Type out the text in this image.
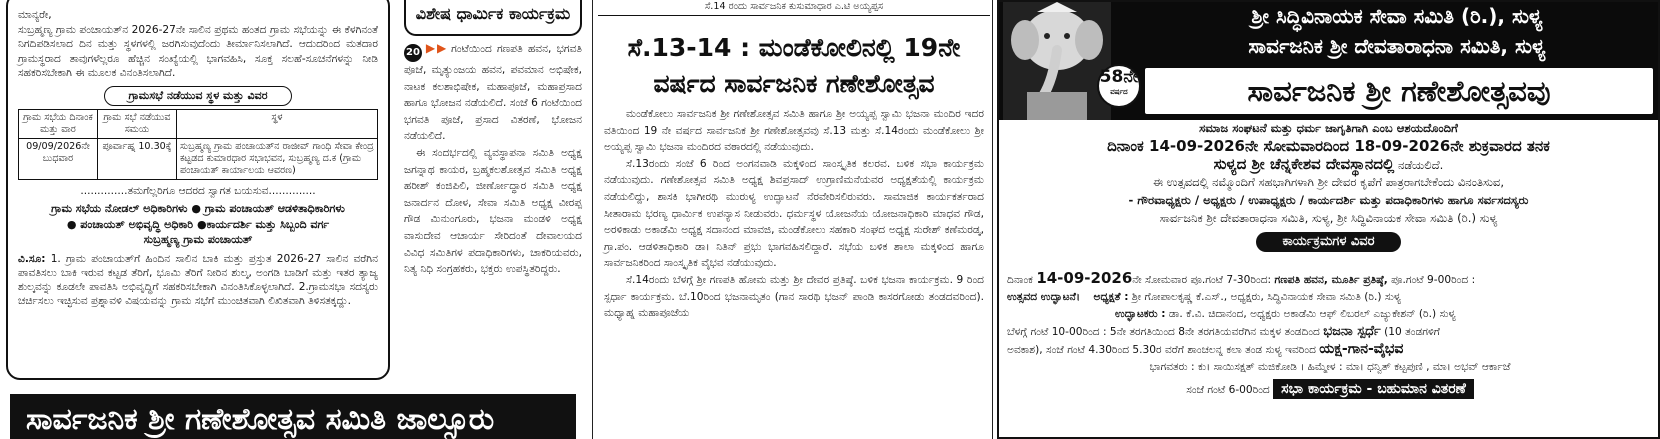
ಮಾನ್ಯರೇ,

ಸುಬ್ರಹ್ಮಣ್ಯ ಗ್ರಾಮ ಪಂಚಾಯತ್‌ನ 2026-27ನೇ ಸಾಲಿನ ಪ್ರಥಮ ಹಂತದ ಗ್ರಾಮ ಸಭೆಯನ್ನು ಈ ಕೆಳಗಿನಂತೆ ನಿಗದಿಪಡಿಸಲಾದ ದಿನ ಮತ್ತು ಸ್ಥಳಗಳಲ್ಲಿ ಜರಗಿಸುವುದೆಂದು ತೀರ್ಮಾನಿಸಲಾಗಿದೆ. ಆದುದರಿಂದ ಮತದಾರ ಗ್ರಾಮಸ್ಥರಾದ ತಾವುಗಳೆಲ್ಲರೂ ಹೆಚ್ಚಿನ ಸಂಖ್ಯೆಯಲ್ಲಿ ಭಾಗವಹಿಸಿ, ಸೂಕ್ತ ಸಲಹೆ-ಸೂಚನೆಗಳನ್ನು ನೀಡಿ ಸಹಕರಿಸಬೇಕಾಗಿ ಈ ಮೂಲಕ ವಿನಂತಿಸಲಾಗಿದೆ.

ಗ್ರಾಮಸಭೆ ನಡೆಯುವ ಸ್ಥಳ ಮತ್ತು ವಿವರ
ಗ್ರಾಮ ಸಭೆಯ ದಿನಾಂಕ ಮತ್ತು ವಾರ	ಗ್ರಾಮ ಸಭೆ ನಡೆಯುವ ಸಮಯ	ಸ್ಥಳ
09/09/2026ನೇ ಬುಧವಾರ	ಪೂರ್ವಾಹ್ನ 10.30ಕ್ಕೆ	ಸುಬ್ರಹ್ಮಣ್ಯ ಗ್ರಾಮ ಪಂಚಾಯತ್‌ನ ರಾಜೀವ್ ಗಾಂಧಿ ಸೇವಾ ಕೇಂದ್ರ ಕಟ್ಟಡದ ಕುಮಾರಧಾರ ಸಭಾಭವನ, ಸುಬ್ರಹ್ಮಣ್ಯ ದ.ಕ (ಗ್ರಾಮ ಪಂಚಾಯತ್ ಕಾರ್ಯಾಲಯ ಆವರಣ)
..............ತಮಗೆಲ್ಲರಿಗೂ ಆದರದ ಸ್ವಾಗತ ಬಯಸುವ..............
ಗ್ರಾಮ ಸಭೆಯ ನೋಡಲ್ ಅಧಿಕಾರಿಗಳು ● ಗ್ರಾಮ ಪಂಚಾಯತ್ ಆಡಳಿತಾಧಿಕಾರಿಗಳು
● ಪಂಚಾಯತ್ ಅಭಿವೃದ್ಧಿ ಅಧಿಕಾರಿ ●ಕಾರ್ಯದರ್ಶಿ ಮತ್ತು ಸಿಬ್ಬಂದಿ ವರ್ಗ
ಸುಬ್ರಹ್ಮಣ್ಯ ಗ್ರಾಮ ಪಂಚಾಯತ್

ವಿ.ಸೂ: 1. ಗ್ರಾಮ ಪಂಚಾಯತ್‌ಗೆ ಹಿಂದಿನ ಸಾಲಿನ ಬಾಕಿ ಮತ್ತು ಪ್ರಸ್ತುತ 2026-27 ಸಾಲಿನ ವರೆಗಿನ ಪಾವತಿಸಲು ಬಾಕಿ ಇರುವ ಕಟ್ಟಡ ತೆರಿಗೆ, ಭೂಮಿ ತೆರಿಗೆ ನೀರಿನ ಶುಲ್ಕ, ಅಂಗಡಿ ಬಾಡಿಗೆ ಮತ್ತು ಇತರ ತ್ಯಾಜ್ಯ ಶುಲ್ಕವನ್ನು ಕೂಡಲೇ ಪಾವತಿಸಿ ಅಭಿವೃದ್ಧಿಗೆ ಸಹಕರಿಸಬೇಕಾಗಿ ವಿನಂತಿಸಿಕೊಳ್ಳಲಾಗಿದೆ. 2.ಗ್ರಾಮಸಭಾ ಸದಸ್ಯರು ಚರ್ಚಿಸಲು ಇಚ್ಛಿಸುವ ಪ್ರಶ್ನಾವಳಿ ವಿಷಯವನ್ನು ಗ್ರಾಮ ಸಭೆಗೆ ಮುಂಚಿತವಾಗಿ ಲಿಖಿತವಾಗಿ ತಿಳಿಸತಕ್ಕದ್ದು.

ಸಾರ್ವಜನಿಕ ಶ್ರೀ ಗಣೇಶೋತ್ಸವ ಸಮಿತಿ ಜಾಲ್ಸೂರು
ವಿಶೇಷ ಧಾರ್ಮಿಕ ಕಾರ್ಯಕ್ರಮ

20 ▶▶ ಗಂಟೆಯಿಂದ ಗಣಪತಿ ಹವನ, ಭಗವತಿ ಪೂಜೆ, ಮೃತ್ಯುಂಜಯ ಹವನ, ಪವಮಾನ ಅಭಿಷೇಕ, ನಾಟಕ ಕಲಶಾಭಿಷೇಕ, ಮಹಾಪೂಜೆ, ಮಹಾಪ್ರಸಾದ ಹಾಗೂ ಭೋಜನ ನಡೆಯಲಿದೆ. ಸಂಜೆ 6 ಗಂಟೆಯಿಂದ ಭಗವತಿ ಪೂಜೆ, ಪ್ರಸಾದ ವಿತರಣೆ, ಭೋಜನ ನಡೆಯಲಿದೆ.

ಈ ಸಂದರ್ಭದಲ್ಲಿ ವ್ಯವಸ್ಥಾಪನಾ ಸಮಿತಿ ಅಧ್ಯಕ್ಷ ಜಗನ್ನಾಥ ಕಾಯರ, ಬ್ರಹ್ಮಕಲಶೋತ್ಸವ ಸಮಿತಿ ಅಧ್ಯಕ್ಷ ಹರೀಶ್ ಕಂಜಿಪಿಲಿ, ಜೀರ್ಣೋದ್ಧಾರ ಸಮಿತಿ ಅಧ್ಯಕ್ಷ ಜನಾರ್ದನ ದೋಳ, ಸೇವಾ ಸಮಿತಿ ಅಧ್ಯಕ್ಷ ವೀರಪ್ಪ ಗೌಡ ಮಿನುಂಗೂರು, ಭಜನಾ ಮಂಡಳಿ ಅಧ್ಯಕ್ಷ ವಾಸುದೇವ ಆಚಾರ್ಯ ಸೇರಿದಂತೆ ದೇವಾಲಯದ ವಿವಿಧ ಸಮಿತಿಗಳ ಪದಾಧಿಕಾರಿಗಳು, ಚಾಕರಿಯವರು, ನಿತ್ಯ ನಿಧಿ ಸಂಗ್ರಹಕರು, ಭಕ್ತರು ಉಪಸ್ಥಿತರಿದ್ದರು.

ಸೆ.14 ರಂದು ಸಾರ್ವಜನಿಕ ಕುಸುಮಾಧಾರ ಎ.ಟಿ ಅಯ್ಯಪ್ಪಸ
ಸೆ.13-14 : ಮಂಡೆಕೋಲಿನಲ್ಲಿ 19ನೇ
ವರ್ಷದ ಸಾರ್ವಜನಿಕ ಗಣೇಶೋತ್ಸವ

ಮಂಡೆಕೋಲು ಸಾರ್ವಜನಿಕ ಶ್ರೀ ಗಣೇಶೋತ್ಸವ ಸಮಿತಿ ಹಾಗೂ ಶ್ರೀ ಅಯ್ಯಪ್ಪ ಸ್ವಾಮಿ ಭಜನಾ ಮಂದಿರ ಇದರ ವತಿಯಿಂದ 19 ನೇ ವರ್ಷದ ಸಾರ್ವಜನಿಕ ಶ್ರೀ ಗಣೇಶೋತ್ಸವವು ಸೆ.13 ಮತ್ತು ಸೆ.14ರಂದು ಮಂಡೆಕೋಲು ಶ್ರೀ ಅಯ್ಯಪ್ಪ ಸ್ವಾಮಿ ಭಜನಾ ಮಂದಿರದ ವಠಾರದಲ್ಲಿ ನಡೆಯುವುದು.

ಸೆ.13ರಂದು ಸಂಜೆ 6 ರಿಂದ ಅಂಗನವಾಡಿ ಮಕ್ಕಳಿಂದ ಸಾಂಸ್ಕೃತಿಕ ಕಲರವ. ಬಳಿಕ ಸಭಾ ಕಾರ್ಯಕ್ರಮ ನಡೆಯುವುದು. ಗಣೇಶೋತ್ಸವ ಸಮಿತಿ ಅಧ್ಯಕ್ಷ ಶಿವಪ್ರಸಾದ್ ಉಗ್ರಾಣಿಮನೆಯವರ ಅಧ್ಯಕ್ಷತೆಯಲ್ಲಿ ಕಾರ್ಯಕ್ರಮ ನಡೆಯಲಿದ್ದು, ಶಾಸಕಿ ಭಾಗೀರಥಿ ಮುರುಳ್ಯ ಉದ್ಘಾಟನೆ ನೆರವೇರಿಸಲಿರುವರು. ಸಾಮಾಜಿಕ ಕಾರ್ಯಕರ್ತರಾದ ಸೀತಾರಾಮ ಭರಣ್ಯ ಧಾರ್ಮಿಕ ಉಪನ್ಯಾಸ ನೀಡುವರು. ಧರ್ಮಸ್ಥಳ ಯೋಜನೆಯ ಯೋಜನಾಧಿಕಾರಿ ಮಾಧವ ಗೌಡ, ಅರಳಿಕಾಡು ಅಕಾಡೆಮಿ ಅಧ್ಯಕ್ಷ ಸದಾನಂದ ಮಾವಜಿ, ಮಂಡೆಕೋಲು ಸಹಕಾರಿ ಸಂಘದ ಅಧ್ಯಕ್ಷ ಸುರೇಶ್ ಕಣೆಮರಡ್ಕ, ಗ್ರಾ.ಪಂ. ಆಡಳಿತಾಧಿಕಾರಿ ಡಾ। ನಿತಿನ್ ಪ್ರಭು ಭಾಗವಹಿಸಲಿದ್ದಾರೆ. ಸಭೆಯ ಬಳಿಕ ಶಾಲಾ ಮಕ್ಕಳಿಂದ ಹಾಗೂ ಸಾರ್ವಜನಿಕರಿಂದ ಸಾಂಸ್ಕೃತಿಕ ವೈಭವ ನಡೆಯುವುದು.

ಸೆ.14ರಂದು ಬೆಳಗ್ಗೆ ಶ್ರೀ ಗಣಪತಿ ಹೋಮ ಮತ್ತು ಶ್ರೀ ದೇವರ ಪ್ರತಿಷ್ಠೆ. ಬಳಿಕ ಭಜನಾ ಕಾರ್ಯಕ್ರಮ. 9 ರಿಂದ ಸ್ಪರ್ಧಾ ಕಾರ್ಯಕ್ರಮ. ಬೆ.10ರಿಂದ ಭಜನಾಮೃತಂ (ಗಾನ ಸಾರಥಿ ಭಜನ್ ಪಾಂಡಿ ಕಾಸರಗೋಡು ತಂಡದವರಿಂದ). ಮಧ್ಯಾಹ್ನ ಮಹಾಪೂಜೆಯ

58ನೇ
ವರ್ಷದ
ಶ್ರೀ ಸಿದ್ಧಿವಿನಾಯಕ ಸೇವಾ ಸಮಿತಿ (ರಿ.), ಸುಳ್ಯ
ಸಾರ್ವಜನಿಕ ಶ್ರೀ ದೇವತಾರಾಧನಾ ಸಮಿತಿ, ಸುಳ್ಯ
ಸಾರ್ವಜನಿಕ ಶ್ರೀ ಗಣೇಶೋತ್ಸವವು
ಸಮಾಜ ಸಂಘಟನೆ ಮತ್ತು ಧರ್ಮ ಜಾಗೃತಿಗಾಗಿ ಎಂಬ ಆಶಯದೊಂದಿಗೆ
ದಿನಾಂಕ 14-09-2026ನೇ ಸೋಮವಾರದಿಂದ 18-09-2026ನೇ ಶುಕ್ರವಾರದ ತನಕ
ಸುಳ್ಯದ ಶ್ರೀ ಚೆನ್ನಕೇಶವ ದೇವಸ್ಥಾನದಲ್ಲಿ ನಡೆಯಲಿದೆ.
ಈ ಉತ್ಸವದಲ್ಲಿ ನಮ್ಮೊಂದಿಗೆ ಸಹಭಾಗಿಗಳಾಗಿ ಶ್ರೀ ದೇವರ ಕೃಪೆಗೆ ಪಾತ್ರರಾಗಬೇಕೆಂದು ವಿನಂತಿಸುವ,
- ಗೌರವಾಧ್ಯಕ್ಷರು / ಅಧ್ಯಕ್ಷರು / ಉಪಾಧ್ಯಕ್ಷರು / ಕಾರ್ಯದರ್ಶಿ ಮತ್ತು ಪದಾಧಿಕಾರಿಗಳು ಹಾಗೂ ಸರ್ವಸದಸ್ಯರು
ಸಾರ್ವಜನಿಕ ಶ್ರೀ ದೇವತಾರಾಧನಾ ಸಮಿತಿ, ಸುಳ್ಯ, ಶ್ರೀ ಸಿದ್ಧಿವಿನಾಯಕ ಸೇವಾ ಸಮಿತಿ (ರಿ.) ಸುಳ್ಯ
ಕಾರ್ಯಕ್ರಮಗಳ ವಿವರ
ದಿನಾಂಕ 14-09-2026ನೇ ಸೋಮವಾರ ಪೂ.ಗಂಟೆ 7-30ರಿಂದ: ಗಣಪತಿ ಹವನ, ಮೂರ್ತಿ ಪ್ರತಿಷ್ಠೆ, ಪೂ.ಗಂಟೆ 9-00ರಿಂದ :
ಉತ್ಸವದ ಉದ್ಘಾಟನೆ। ಅಧ್ಯಕ್ಷತೆ : ಶ್ರೀ ಗೋಪಾಲಕೃಷ್ಣ ಕೆ.ಎಸ್., ಅಧ್ಯಕ್ಷರು, ಸಿದ್ಧಿವಿನಾಯಕ ಸೇವಾ ಸಮಿತಿ (ರಿ.) ಸುಳ್ಯ
ಉದ್ಘಾಟಕರು : ಡಾ. ಕೆ.ವಿ. ಚಿದಾನಂದ, ಅಧ್ಯಕ್ಷರು ಅಕಾಡೆಮಿ ಆಫ್ ಲಿಬರಲ್ ಎಜ್ಯುಕೇಶನ್ (ರಿ.) ಸುಳ್ಯ
ಬೆಳಗ್ಗೆ ಗಂಟೆ 10-00ರಿಂದ : 5ನೇ ತರಗತಿಯಿಂದ 8ನೇ ತರಗತಿಯವರೆಗಿನ ಮಕ್ಕಳ ತಂಡದಿಂದ ಭಜನಾ ಸ್ಪರ್ಧೆ (10 ತಂಡಗಳಿಗೆ
ಅವಕಾಶ), ಸಂಜೆ ಗಂಟೆ 4.30ರಿಂದ 5.30ರ ವರೆಗೆ ಶಾಂಚಲನ್ನ ಕಲಾ ತಂಡ ಸುಳ್ಯ ಇವರಿಂದ ಯಕ್ಷ-ಗಾನ-ವೈಭವ
ಭಾಗವತರು : ಕು। ಸಾಯಿಸಕ್ಷತ್ ಮಜಿಕೋಡಿ । ಹಿಮ್ಮೇಳ : ಮಾ। ಧನ್ವಿತ್ ಕಟ್ಟಪುಣಿ , ಮಾ। ಅಭವ್ ಆರ್ಕಾಜೆ
ಸಂಜೆ ಗಂಟೆ 6-00ರಿಂದ ಸಭಾ ಕಾರ್ಯಕ್ರಮ - ಬಹುಮಾನ ವಿತರಣೆ
